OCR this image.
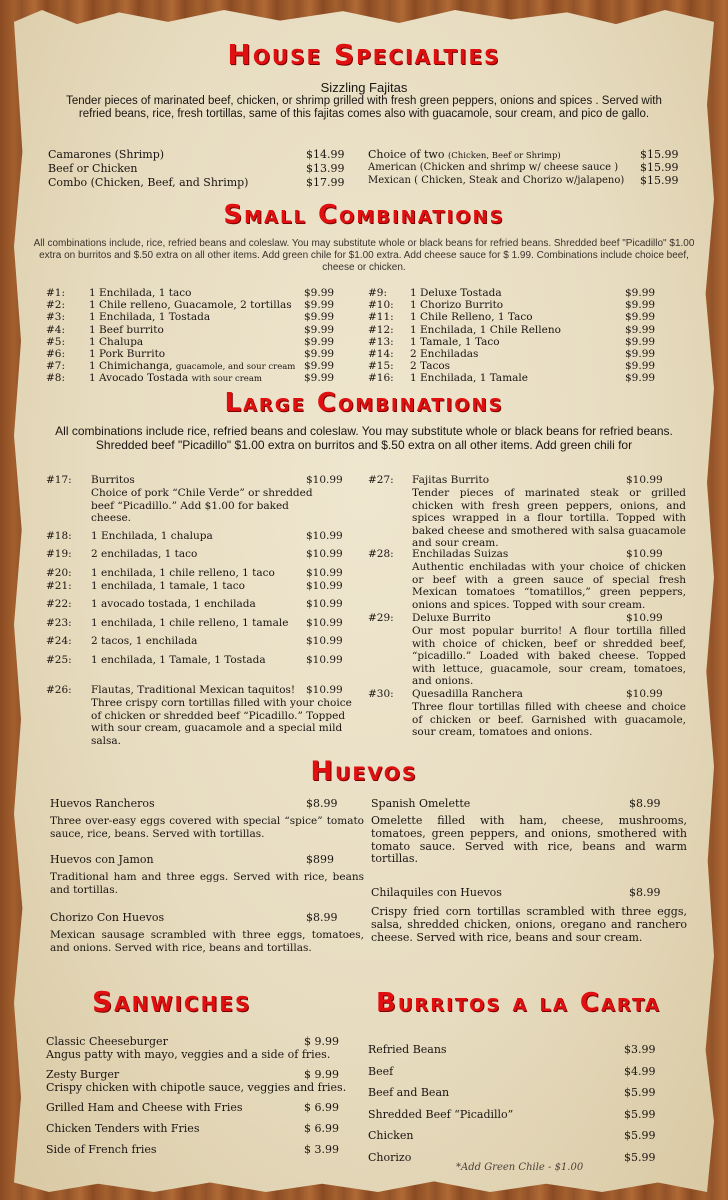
House Specialties
Sizzling Fajitas
Tender pieces of marinated beef, chicken, or shrimp grilled with fresh green peppers, onions and spices . Served with refried beans, rice, fresh tortillas, same of this fajitas comes also with guacamole, sour cream, and pico de gallo.
Camarones (Shrimp)	$14.99
Beef or Chicken	$13.99
Combo (Chicken, Beef, and Shrimp)	$17.99
Choice of two (Chicken, Beef or Shrimp)	$15.99
American (Chicken and shrimp w/ cheese sauce ) $15.99
Mexican ( Chicken, Steak and Chorizo w/jalapeno) $15.99
Small Combinations
All combinations include, rice, refried beans and coleslaw. You may substitute whole or black beans for refried beans. Shredded beef "Picadillo" $1.00 extra on burritos and $.50 extra on all other items. Add green chile for $1.00 extra. Add cheese sauce for $ 1.99. Combinations include choice beef, cheese or chicken.
#1: 1 Enchilada, 1 taco	$9.99
#2: 1 Chile relleno, Guacamole, 2 tortillas $9.99
#3: 1 Enchilada, 1 Tostada	$9.99
#4: 1 Beef burrito	$9.99
#5: 1 Chalupa	$9.99
#6: 1 Pork Burrito	$9.99
#7: 1 Chimichanga, guacamole, and sour cream $9.99
#8: 1 Avocado Tostada with sour cream	$9.99
#9: 1 Deluxe Tostada	$9.99
#10: 1 Chorizo Burrito	$9.99
#11: 1 Chile Relleno, 1 Taco	$9.99
#12: 1 Enchilada, 1 Chile Relleno	$9.99
#13: 1 Tamale, 1 Taco	$9.99
#14: 2 Enchiladas	$9.99
#15: 2 Tacos	$9.99
#16: 1 Enchilada, 1 Tamale	$9.99
Large Combinations
All combinations include rice, refried beans and coleslaw. You may substitute whole or black beans for refried beans. Shredded beef "Picadillo" $1.00 extra on burritos and $.50 extra on all other items. Add green chili for
#17: Burritos	$10.99
Choice of pork “Chile Verde” or shredded beef “Picadillo.” Add $1.00 for baked cheese.
#18: 1 Enchilada, 1 chalupa	$10.99
#19: 2 enchiladas, 1 taco	$10.99
#20: 1 enchilada, 1 chile relleno, 1 taco	$10.99
#21: 1 enchilada, 1 tamale, 1 taco	$10.99
#22: 1 avocado tostada, 1 enchilada	$10.99
#23: 1 enchilada, 1 chile relleno, 1 tamale $10.99
#24: 2 tacos, 1 enchilada	$10.99
#25: 1 enchilada, 1 Tamale, 1 Tostada	$10.99
#26: Flautas, Traditional Mexican taquitos! $10.99
Three crispy corn tortillas filled with your choice of chicken or shredded beef “Picadillo.” Topped with sour cream, guacamole and a special mild salsa.
#27: Fajitas Burrito	$10.99
Tender pieces of marinated steak or grilled chicken with fresh green peppers, onions, and spices wrapped in a flour tortilla. Topped with baked cheese and smothered with salsa guacamole and sour cream.
#28: Enchiladas Suizas	$10.99
Authentic enchiladas with your choice of chicken or beef with a green sauce of special fresh Mexican tomatoes “tomatillos,” green peppers, onions and spices. Topped with sour cream.
#29: Deluxe Burrito	$10.99
Our most popular burrito! A flour tortilla filled with choice of chicken, beef or shredded beef, “picadillo.” Loaded with baked cheese. Topped with lettuce, guacamole, sour cream, tomatoes, and onions.
#30: Quesadilla Ranchera	$10.99
Three flour tortillas filled with cheese and choice of chicken or beef. Garnished with guacamole, sour cream, tomatoes and onions.
Huevos
Huevos Rancheros	$8.99
Three over-easy eggs covered with special “spice” tomato sauce, rice, beans. Served with tortillas.
Huevos con Jamon	$899
Traditional ham and three eggs. Served with rice, beans and tortillas.
Chorizo Con Huevos	$8.99
Mexican sausage scrambled with three eggs, tomatoes, and onions. Served with rice, beans and tortillas.
Spanish Omelette	$8.99
Omelette filled with ham, cheese, mushrooms, tomatoes, green peppers, and onions, smothered with tomato sauce. Served with rice, beans and warm tortillas.
Chilaquiles con Huevos	$8.99
Crispy fried corn tortillas scrambled with three eggs, salsa, shredded chicken, onions, oregano and ranchero cheese. Served with rice, beans and sour cream.
Sanwiches
Classic Cheeseburger	$ 9.99
Angus patty with mayo, veggies and a side of fries.
Zesty Burger	$ 9.99
Crispy chicken with chipotle sauce, veggies and fries.
Grilled Ham and Cheese with Fries	$ 6.99
Chicken Tenders with Fries	$ 6.99
Side of French fries	$ 3.99
Burritos a la Carta
Refried Beans	$3.99
Beef	$4.99
Beef and Bean	$5.99
Shredded Beef “Picadillo”	$5.99
Chicken	$5.99
Chorizo	$5.99
*Add Green Chile - $1.00
